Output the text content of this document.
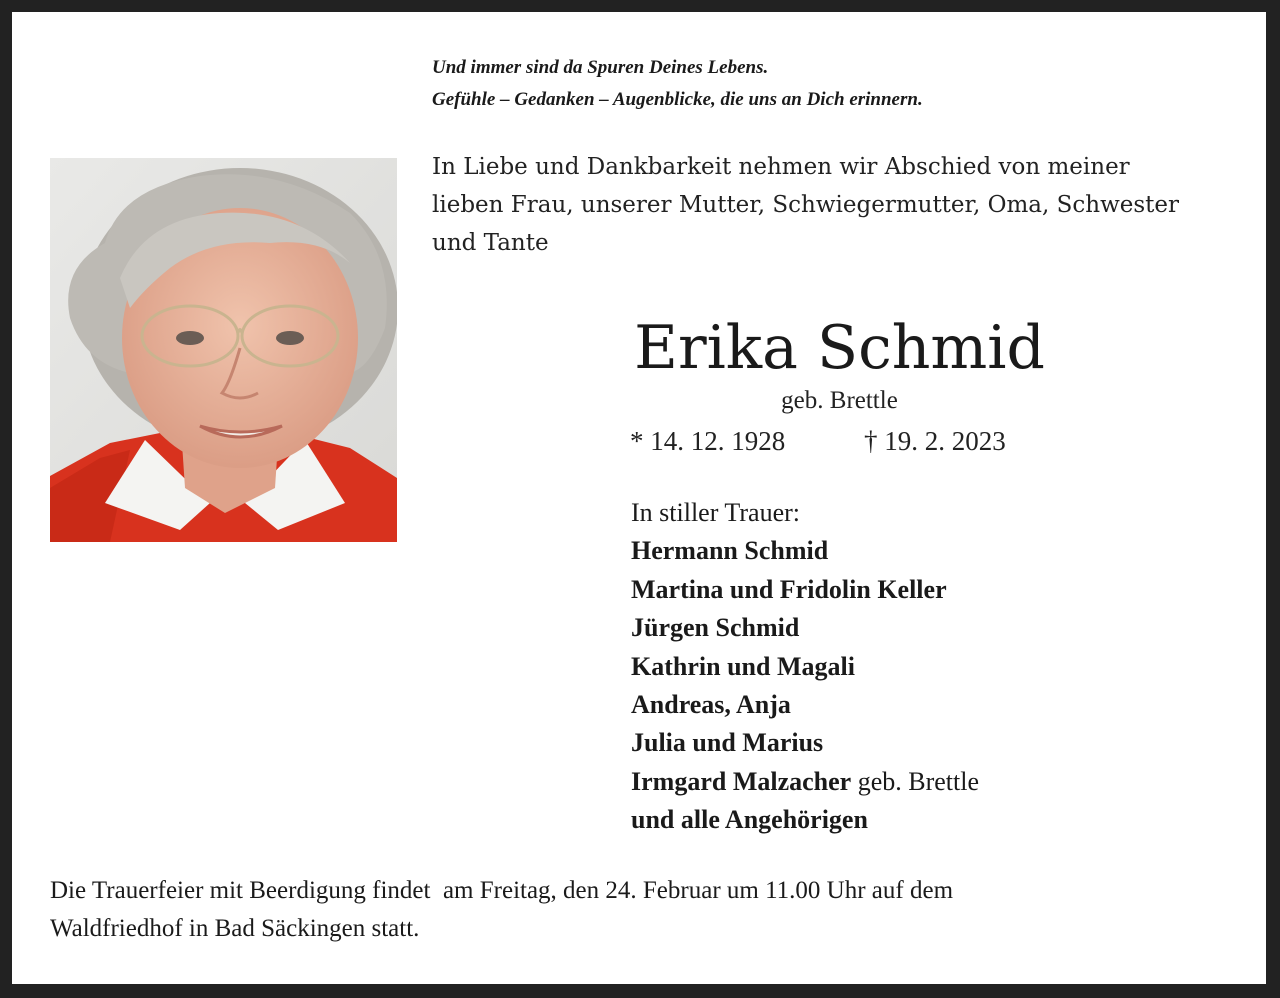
Und immer sind da Spuren Deines Lebens.
Gefühle – Gedanken – Augenblicke, die uns an Dich erinnern.
In Liebe und Dankbarkeit nehmen wir Abschied von meiner
lieben Frau, unserer Mutter, Schwiegermutter, Oma, Schwester
und Tante
Erika Schmid
geb. Brettle
* 14. 12. 1928	† 19. 2. 2023
In stiller Trauer:
Hermann Schmid
Martina und Fridolin Keller
Jürgen Schmid
Kathrin und Magali
Andreas, Anja
Julia und Marius
Irmgard Malzacher geb. Brettle
und alle Angehörigen
Die Trauerfeier mit Beerdigung findet  am Freitag, den 24. Februar um 11.00 Uhr auf dem
Waldfriedhof in Bad Säckingen statt.
